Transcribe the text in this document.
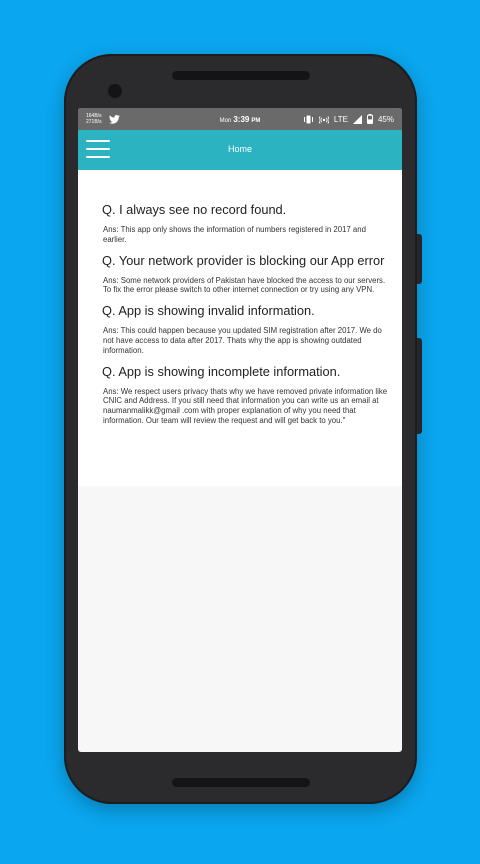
164B/s
271B/s	Mon 3:39 PM	LTE	45%
Home
Q. I always see no record found.
Ans: This app only shows the information of numbers registered in 2017 and earlier.
Q. Your network provider is blocking our App error
Ans: Some network providers of Pakistan have blocked the access to our servers. To fix the error please switch to other internet connection or try using any VPN.
Q. App is showing invalid information.
Ans: This could happen because you updated SIM registration after 2017. We do not have access to data after 2017. Thats why the app is showing outdated information.
Q. App is showing incomplete information.
Ans: We respect users privacy thats why we have removed private information like CNIC and Address. If you still need that information you can write us an email at naumanmalikk@gmail .com with proper explanation of why you need that information. Our team will review the request and will get back to you."
